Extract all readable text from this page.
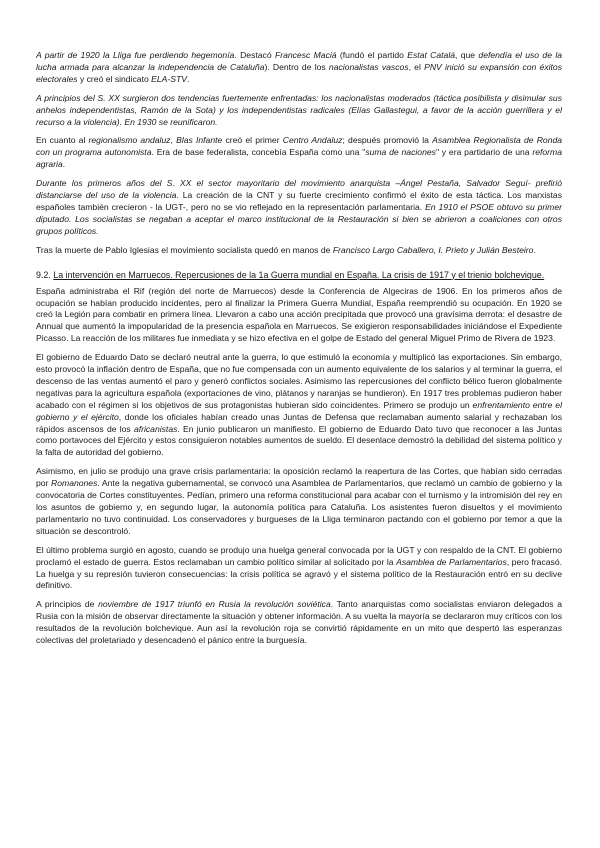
A partir de 1920 la Lliga fue perdiendo hegemonía. Destacó Francesc Maciá (fundó el partido Estat Catalá, que defendía el uso de la lucha armada para alcanzar la independencia de Cataluña). Dentro de los nacionalistas vascos, el PNV inició su expansión con éxitos electorales y creó el sindicato ELA-STV.

A principios del S. XX surgieron dos tendencias fuertemente enfrentadas: los nacionalistas moderados (táctica posibilista y disimular sus anhelos independentistas, Ramón de la Sota) y los independentistas radicales (Elías Gallastegui, a favor de la acción guerrillera y el recurso a la violencia). En 1930 se reunificaron.

En cuanto al regionalismo andaluz, Blas Infante creó el primer Centro Andaluz; después promovió la Asamblea Regionalista de Ronda con un programa autonomista. Era de base federalista, concebía España como una "suma de naciones" y era partidario de una reforma agraria.

Durante los primeros años del S. XX el sector mayoritario del movimiento anarquista –Ángel Pestaña, Salvador Seguí- prefirió distanciarse del uso de la violencia. La creación de la CNT y su fuerte crecimiento confirmó el éxito de esta táctica. Los marxistas españoles también crecieron - la UGT-, pero no se vio reflejado en la representación parlamentaria. En 1910 el PSOE obtuvo su primer diputado. Los socialistas se negaban a aceptar el marco institucional de la Restauración si bien se abrieron a coaliciones con otros grupos políticos.

Tras la muerte de Pablo Iglesias el movimiento socialista quedó en manos de Francisco Largo Caballero, I. Prieto y Julián Besteiro.

9.2. La intervención en Marruecos. Repercusiones de la 1a Guerra mundial en España. La crisis de 1917 y el trienio bolchevique.

España administraba el Rif (región del norte de Marruecos) desde la Conferencia de Algeciras de 1906. En los primeros años de ocupación se habían producido incidentes, pero al finalizar la Primera Guerra Mundial, España reemprendió su ocupación. En 1920 se creó la Legión para combatir en primera línea. Llevaron a cabo una acción precipitada que provocó una gravísima derrota: el desastre de Annual que aumentó la impopularidad de la presencia española en Marruecos. Se exigieron responsabilidades iniciándose el Expediente Picasso. La reacción de los militares fue inmediata y se hizo efectiva en el golpe de Estado del general Miguel Primo de Rivera de 1923.

El gobierno de Eduardo Dato se declaró neutral ante la guerra, lo que estimuló la economía y multiplicó las exportaciones. Sin embargo, esto provocó la inflación dentro de España, que no fue compensada con un aumento equivalente de los salarios y al terminar la guerra, el descenso de las ventas aumentó el paro y generó conflictos sociales. Asimismo las repercusiones del conflicto bélico fueron globalmente negativas para la agricultura española (exportaciones de vino, plátanos y naranjas se hundieron). En 1917 tres problemas pudieron haber acabado con el régimen si los objetivos de sus protagonistas hubieran sido coincidentes. Primero se produjo un enfrentamiento entre el gobierno y el ejército, donde los oficiales habían creado unas Juntas de Defensa que reclamaban aumento salarial y rechazaban los rápidos ascensos de los africanistas. En junio publicaron un manifiesto. El gobierno de Eduardo Dato tuvo que reconocer a las Juntas como portavoces del Ejército y estos consiguieron notables aumentos de sueldo. El desenlace demostró la debilidad del sistema político y la falta de autoridad del gobierno.

Asimismo, en julio se produjo una grave crisis parlamentaria: la oposición reclamó la reapertura de las Cortes, que habían sido cerradas por Romanones. Ante la negativa gubernamental, se convocó una Asamblea de Parlamentarios, que reclamó un cambio de gobierno y la convocatoria de Cortes constituyentes. Pedían, primero una reforma constitucional para acabar con el turnismo y la intromisión del rey en los asuntos de gobierno y, en segundo lugar, la autonomía política para Cataluña. Los asistentes fueron disueltos y el movimiento parlamentario no tuvo continuidad. Los conservadores y burgueses de la Lliga terminaron pactando con el gobierno por temor a que la situación se descontroló.

El último problema surgió en agosto, cuando se produjo una huelga general convocada por la UGT y con respaldo de la CNT. El gobierno proclamó el estado de guerra. Estos reclamaban un cambio político similar al solicitado por la Asamblea de Parlamentarios, pero fracasó. La huelga y su represión tuvieron consecuencias: la crisis política se agravó y el sistema político de la Restauración entró en su declive definitivo.

A principios de noviembre de 1917 triunfó en Rusia la revolución soviética. Tanto anarquistas como socialistas enviaron delegados a Rusia con la misión de observar directamente la situación y obtener información. A su vuelta la mayoría se declararon muy críticos con los resultados de la revolución bolchevique. Aun así la revolución roja se convirtió rápidamente en un mito que despertó las esperanzas colectivas del proletariado y desencadenó el pánico entre la burguesía.
